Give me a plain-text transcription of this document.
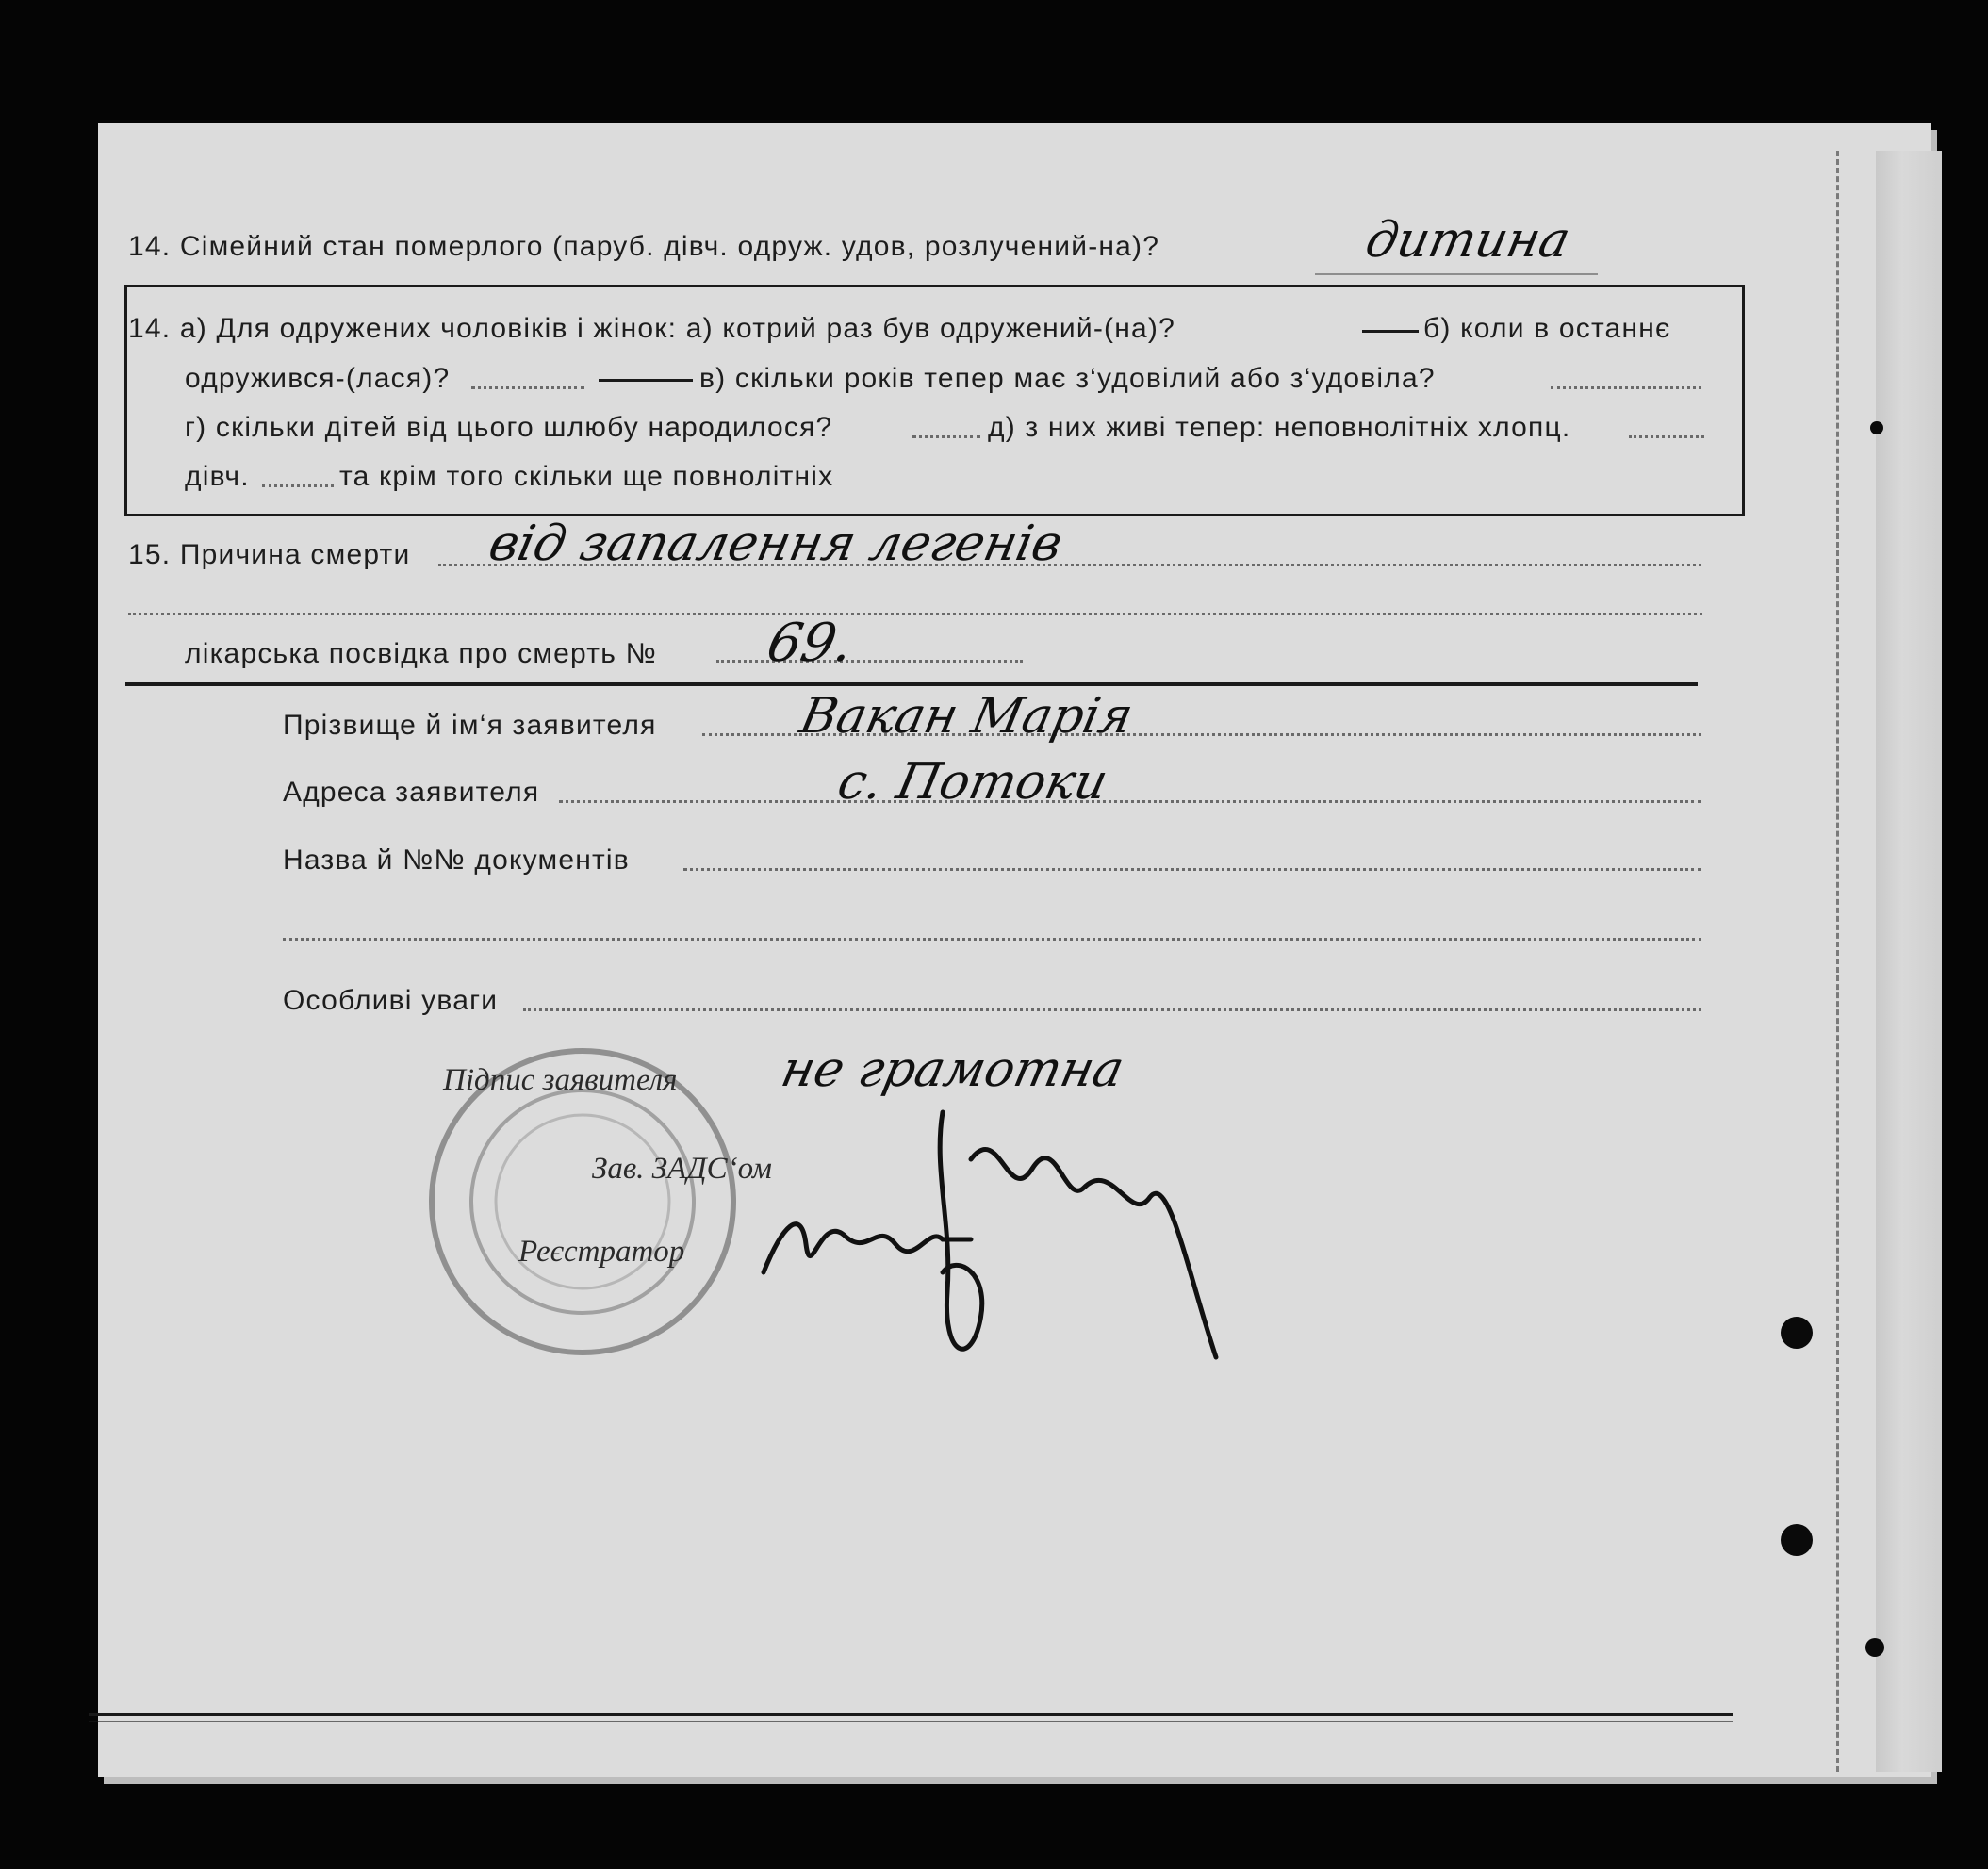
14. Сімейний стан померлого (паруб. дівч. одруж. удов, розлучений-на)?	дитина
14. а) Для одружених чоловіків і жінок: а) котрий раз був одружений-(на)?	б) коли в останнє
одружився-(лася)?	в) скільки років тепер має з‘удовілий або з‘удовіла?
г) скільки дітей від цього шлюбу народилося?	д) з них живі тепер: неповнолітніх хлопц.
дівч.	та крім того скільки ще повнолітніх
15. Причина смерти від запалення легенів
лікарська посвідка про смерть № 69.
Прізвище й ім‘я заявителя	Вакан Марія
Адреса заявителя	с. Потоки
Назва й №№ документів
Особливі уваги
Підпис заявителя не грамотна
Зав. ЗАДС‘ом
Реєстратор
